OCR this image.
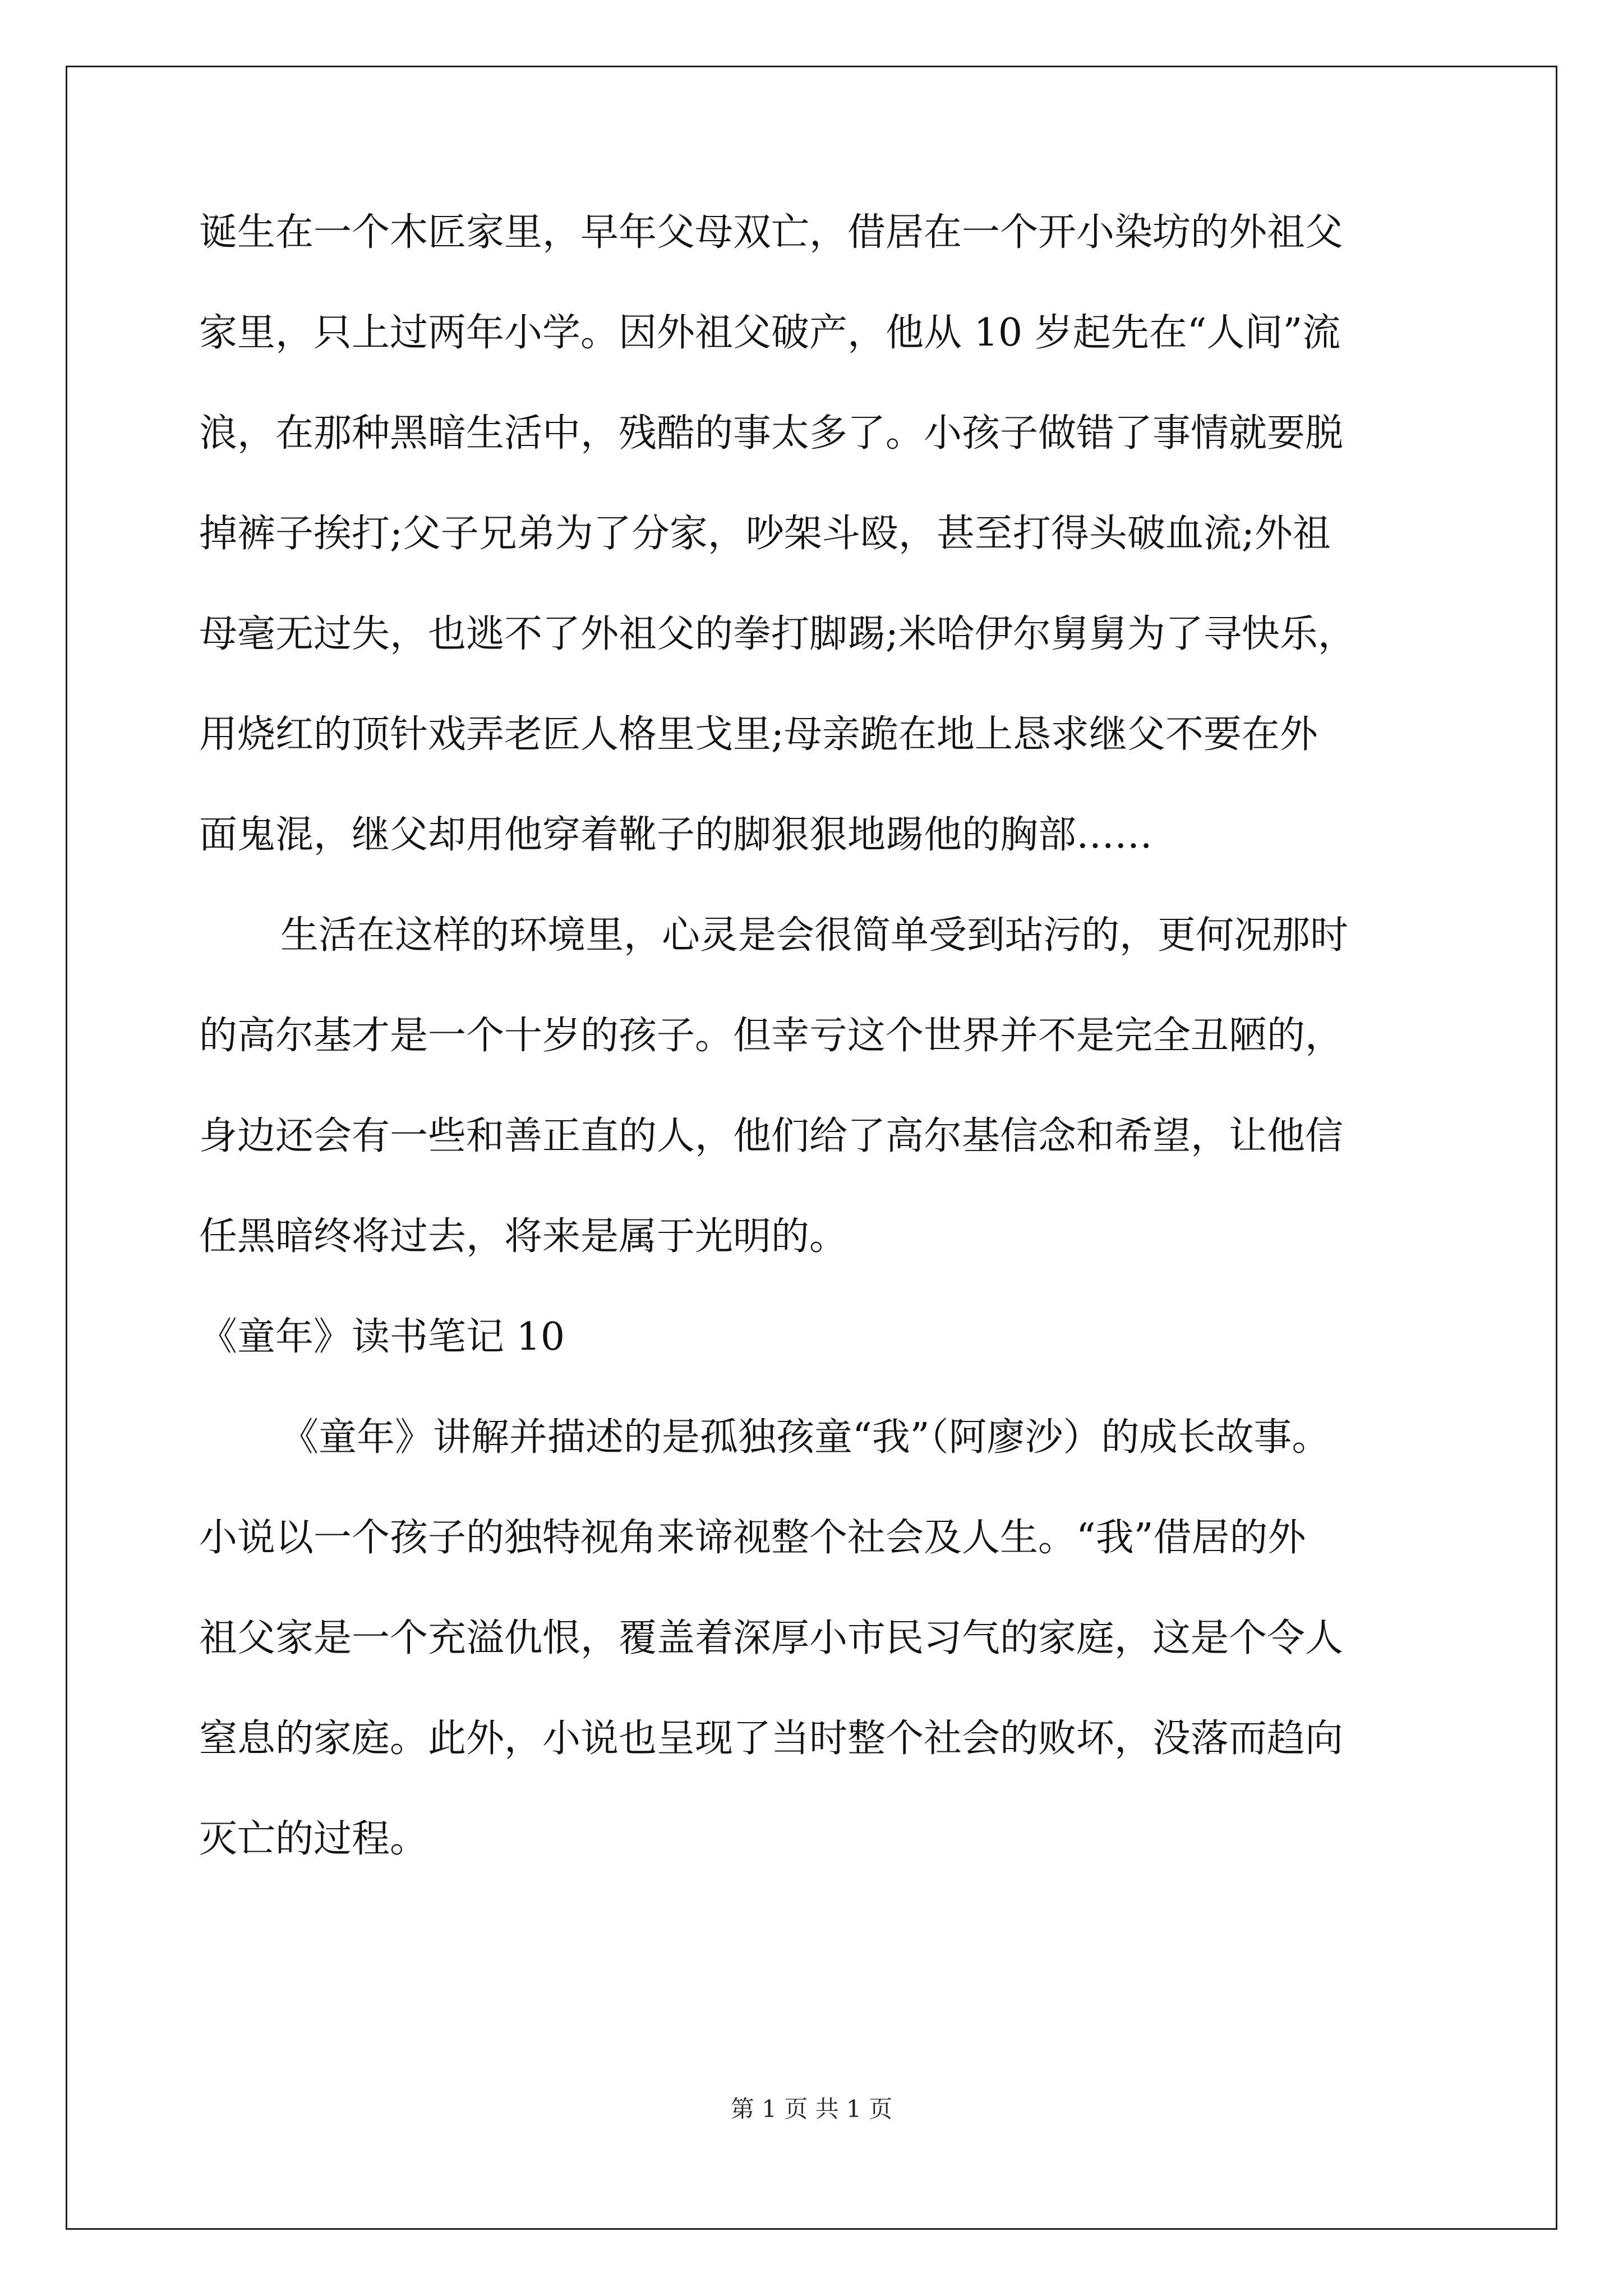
诞生在一个木匠家里，早年父母双亡，借居在一个开小染坊的外祖父
家里，只上过两年小学。因外祖父破产，他从 10 岁起先在“人间”流
浪，在那种黑暗生活中，残酷的事太多了。小孩子做错了事情就要脱
掉裤子挨打;父子兄弟为了分家，吵架斗殴，甚至打得头破血流;外祖
母毫无过失，也逃不了外祖父的拳打脚踢;米哈伊尔舅舅为了寻快乐，
用烧红的顶针戏弄老匠人格里戈里;母亲跪在地上恳求继父不要在外
面鬼混，继父却用他穿着靴子的脚狠狠地踢他的胸部……
生活在这样的环境里，心灵是会很简单受到玷污的，更何况那时
的高尔基才是一个十岁的孩子。但幸亏这个世界并不是完全丑陋的，
身边还会有一些和善正直的人，他们给了高尔基信念和希望，让他信
任黑暗终将过去，将来是属于光明的。
《童年》读书笔记 10
《童年》讲解并描述的是孤独孩童“我”（阿廖沙）的成长故事。
小说以一个孩子的独特视角来谛视整个社会及人生。“我”借居的外
祖父家是一个充溢仇恨，覆盖着深厚小市民习气的家庭，这是个令人
窒息的家庭。此外，小说也呈现了当时整个社会的败坏，没落而趋向
灭亡的过程。
第 1 页 共 1 页
